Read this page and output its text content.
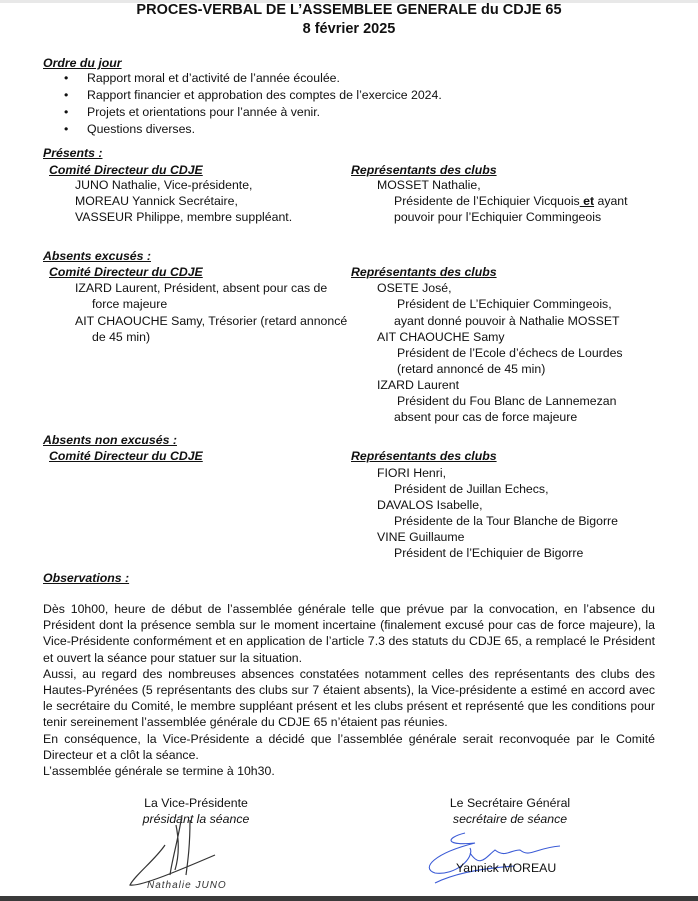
PROCES-VERBAL DE L’ASSEMBLEE GENERALE du CDJE 65
8 février 2025
Ordre du jour
Rapport moral et d’activité de l’année écoulée.
Rapport financier et approbation des comptes de l’exercice 2024.
Projets et orientations pour l’année à venir.
Questions diverses.
Présents :
Comité Directeur du CDJE
JUNO Nathalie, Vice-présidente,
MOREAU Yannick Secrétaire,
VASSEUR Philippe, membre suppléant.
Représentants des clubs
MOSSET Nathalie,
Présidente de l’Echiquier Vicquois et ayant
pouvoir pour l’Echiquier Commingeois
Absents excusés :
Comité Directeur du CDJE
IZARD Laurent, Président, absent pour cas de
force majeure
AIT CHAOUCHE Samy, Trésorier (retard annoncé
de 45 min)
Représentants des clubs
OSETE José,
Président de L’Echiquier Commingeois,
ayant donné pouvoir à Nathalie MOSSET
AIT CHAOUCHE Samy
Président de l’Ecole d’échecs de Lourdes
(retard annoncé de 45 min)
IZARD Laurent
Président du Fou Blanc de Lannemezan
absent pour cas de force majeure
Absents non excusés :
Comité Directeur du CDJE	Représentants des clubs
FIORI Henri,
Président de Juillan Echecs,
DAVALOS Isabelle,
Présidente de la Tour Blanche de Bigorre
VINE Guillaume
Président de l’Echiquier de Bigorre
Observations :

Dès 10h00, heure de début de l’assemblée générale telle que prévue par la convocation, en l’absence du Président dont la présence sembla sur le moment incertaine (finalement excusé pour cas de force majeure), la Vice-Présidente conformément et en application de l’article 7.3 des statuts du CDJE 65, a remplacé le Président et ouvert la séance pour statuer sur la situation.

Aussi, au regard des nombreuses absences constatées notamment celles des représentants des clubs des Hautes-Pyrénées (5 représentants des clubs sur 7 étaient absents), la Vice-présidente a estimé en accord avec le secrétaire du Comité, le membre suppléant présent et les clubs présent et représenté que les conditions pour tenir sereinement l’assemblée générale du CDJE 65 n’étaient pas réunies.

En conséquence, la Vice-Présidente a décidé que l’assemblée générale serait reconvoquée par le Comité Directeur et a clôt la séance.

L’assemblée générale se termine à 10h30.

La Vice-Présidente
présidant la séance
Nathalie JUNO
Le Secrétaire Général
secrétaire de séance
Yannick MOREAU
